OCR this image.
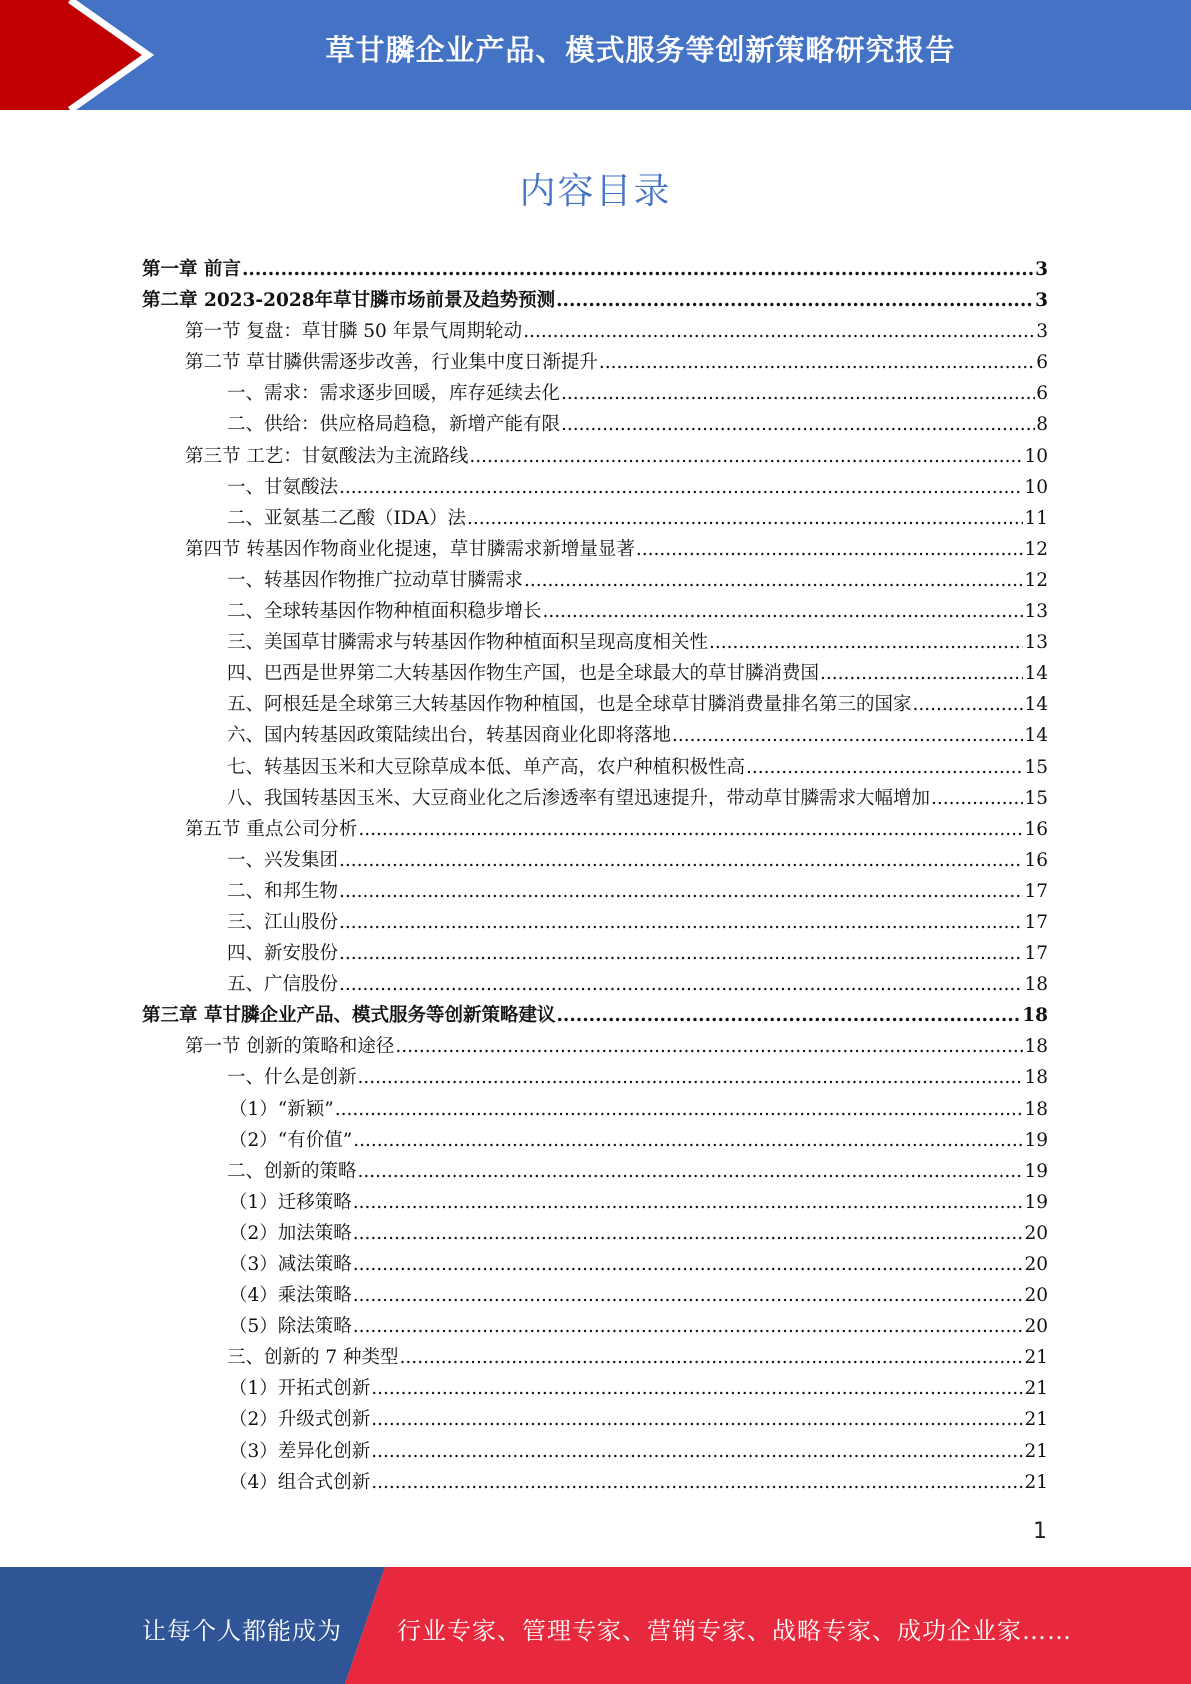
草甘膦企业产品、模式服务等创新策略研究报告
内容目录
第一章 前言 .....	3
第二章 2023-2028年草甘膦市场前景及趋势预测 .....	3
第一节 复盘：草甘膦 50 年景气周期轮动 .....	3
第二节 草甘膦供需逐步改善，行业集中度日渐提升 .....	6
一、需求：需求逐步回暖，库存延续去化 .....	6
二、供给：供应格局趋稳，新增产能有限 .....	8
第三节 工艺：甘氨酸法为主流路线 .....	10
一、甘氨酸法 .....	10
二、亚氨基二乙酸（IDA）法 .....	11
第四节 转基因作物商业化提速，草甘膦需求新增量显著 .....	12
一、转基因作物推广拉动草甘膦需求 .....	12
二、全球转基因作物种植面积稳步增长 .....	13
三、美国草甘膦需求与转基因作物种植面积呈现高度相关性 .....	13
四、巴西是世界第二大转基因作物生产国，也是全球最大的草甘膦消费国 .....	14
五、阿根廷是全球第三大转基因作物种植国，也是全球草甘膦消费量排名第三的国家 .....	14
六、国内转基因政策陆续出台，转基因商业化即将落地 .....	14
七、转基因玉米和大豆除草成本低、单产高，农户种植积极性高 .....	15
八、我国转基因玉米、大豆商业化之后渗透率有望迅速提升，带动草甘膦需求大幅增加 .....	15
第五节 重点公司分析 .....	16
一、兴发集团 .....	16
二、和邦生物 .....	17
三、江山股份 .....	17
四、新安股份 .....	17
五、广信股份 .....	18
第三章 草甘膦企业产品、模式服务等创新策略建议 .....	18
第一节 创新的策略和途径 .....	18
一、什么是创新 .....	18
（1）“新颖” .....	18
（2）“有价值” .....	19
二、创新的策略 .....	19
（1）迁移策略 .....	19
（2）加法策略 .....	20
（3）减法策略 .....	20
（4）乘法策略 .....	20
（5）除法策略 .....	20
三、创新的 7 种类型 .....	21
（1）开拓式创新 .....	21
（2）升级式创新 .....	21
（3）差异化创新 .....	21
（4）组合式创新 .....	21
1
让每个人都能成为 行业专家、管理专家、营销专家、战略专家、成功企业家……
